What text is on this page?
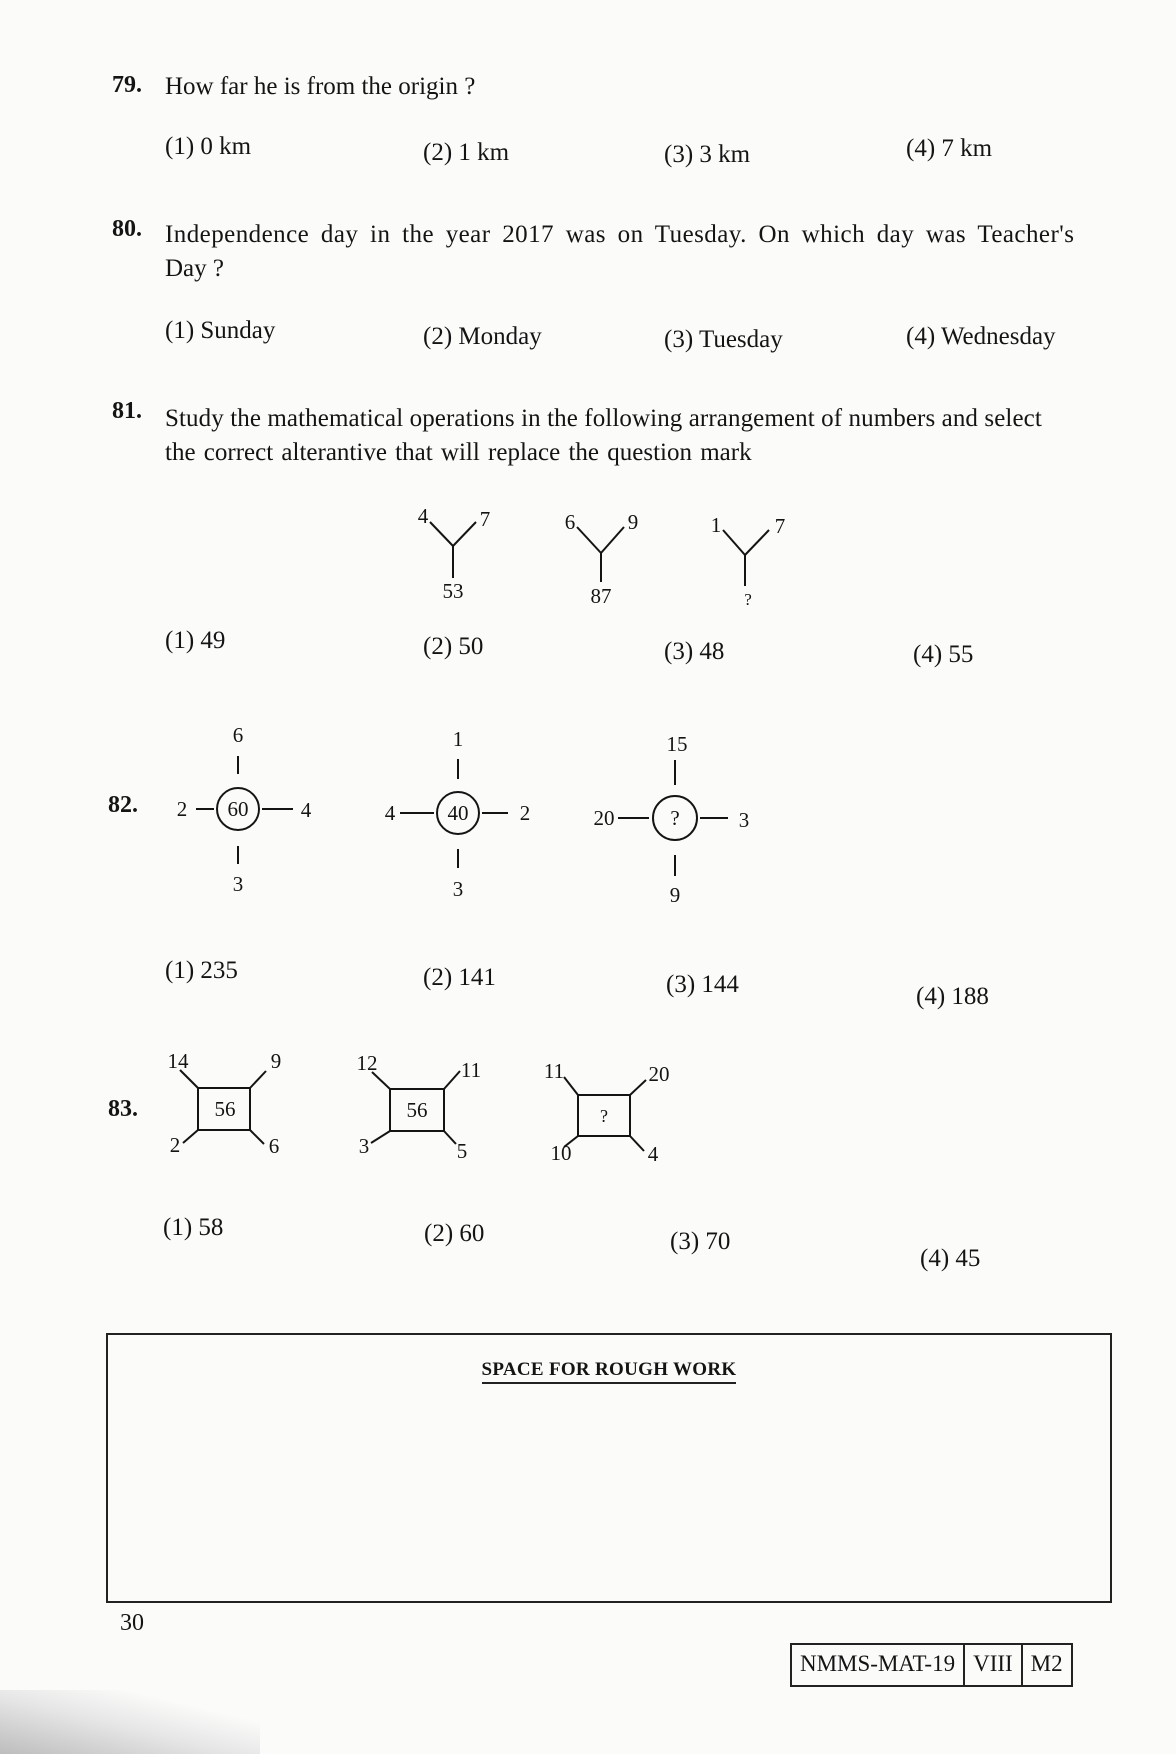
79. How far he is from the origin ?
(1) 0 km	(2) 1 km	(3) 3 km	(4) 7 km
80. Independence day in the year 2017 was on Tuesday. On which day was Teacher's
Day ?
(1) Sunday	(2) Monday	(3) Tuesday	(4) Wednesday
81. Study the mathematical operations in the following arrangement of numbers and select
the correct alterantive that will replace the question mark
(1) 49	(2) 50	(3) 48	(4) 55
82.
(1) 235	(2) 141	(3) 144	(4) 188
83.
(1) 58	(2) 60	(3) 70
(4) 45
4 7
53
6	9
87
1	7
?
6
2 60 4
3
1
4 40 2
3
15
20	?	3
9
14	9
2	6
56
12	11
3	5
56
11	20
10	4
?
SPACE FOR ROUGH WORK
30
NMMS-MAT-19 VIII M2
